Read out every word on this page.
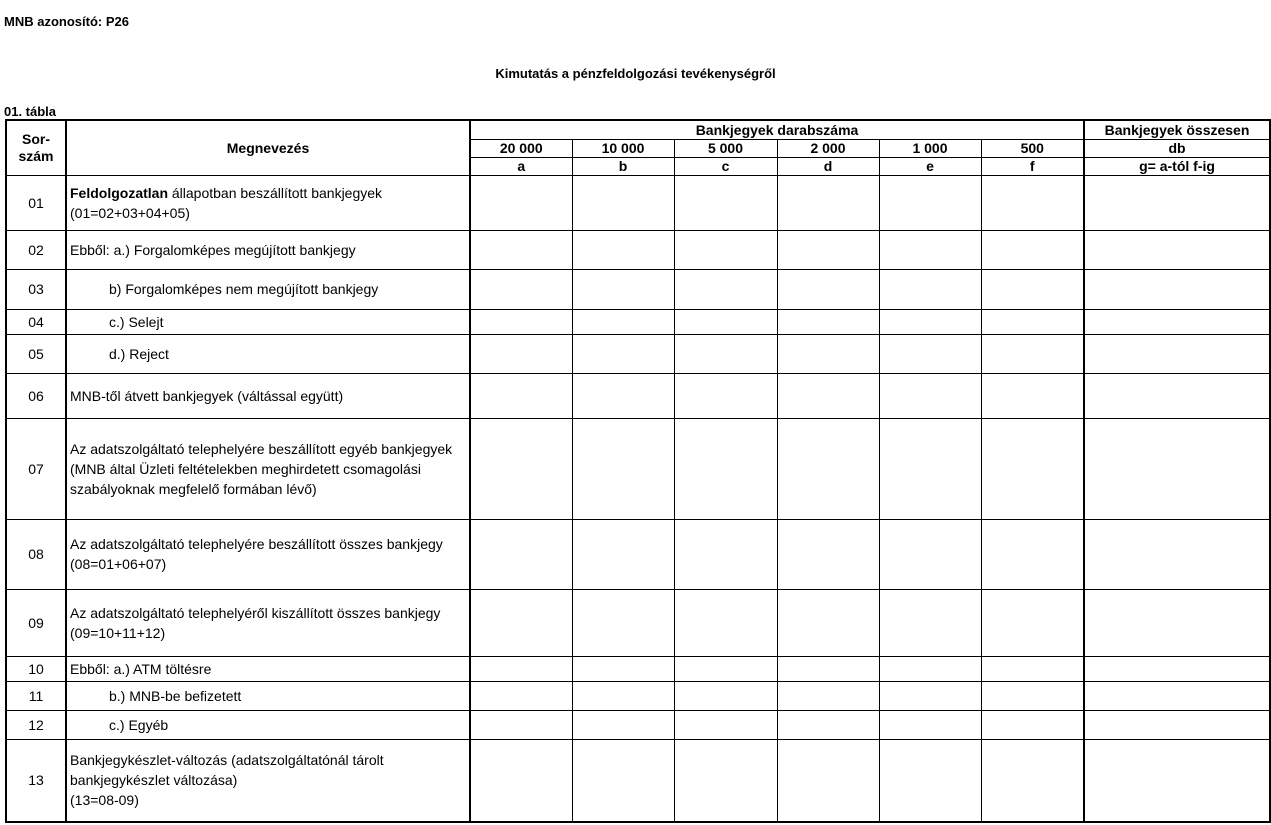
MNB azonosító: P26
Kimutatás a pénzfeldolgozási tevékenységről
01. tábla
Sor-
szám	Megnevezés	Bankjegyek darabszáma						Bankjegyek összesen
		20 000	10 000	5 000	2 000	1 000	500	db
		a	b	c	d	e	f	g= a-tól f-ig
01	Feldolgozatlan állapotban beszállított bankjegyek
(01=02+03+04+05)							
02	Ebből: a.) Forgalomképes megújított bankjegy							
03	b) Forgalomképes nem megújított bankjegy							
04	c.) Selejt							
05	d.) Reject							
06	MNB-től átvett bankjegyek (váltással együtt)							
07	Az adatszolgáltató telephelyére beszállított egyéb bankjegyek (MNB által Üzleti feltételekben meghirdetett csomagolási szabályoknak megfelelő formában lévő)							
08	Az adatszolgáltató telephelyére beszállított összes bankjegy
(08=01+06+07)							
09	Az adatszolgáltató telephelyéről kiszállított összes bankjegy
(09=10+11+12)							
10	Ebből: a.) ATM töltésre							
11	b.) MNB-be befizetett							
12	c.) Egyéb							
13	Bankjegykészlet-változás (adatszolgáltatónál tárolt bankjegykészlet változása)
(13=08-09)							
